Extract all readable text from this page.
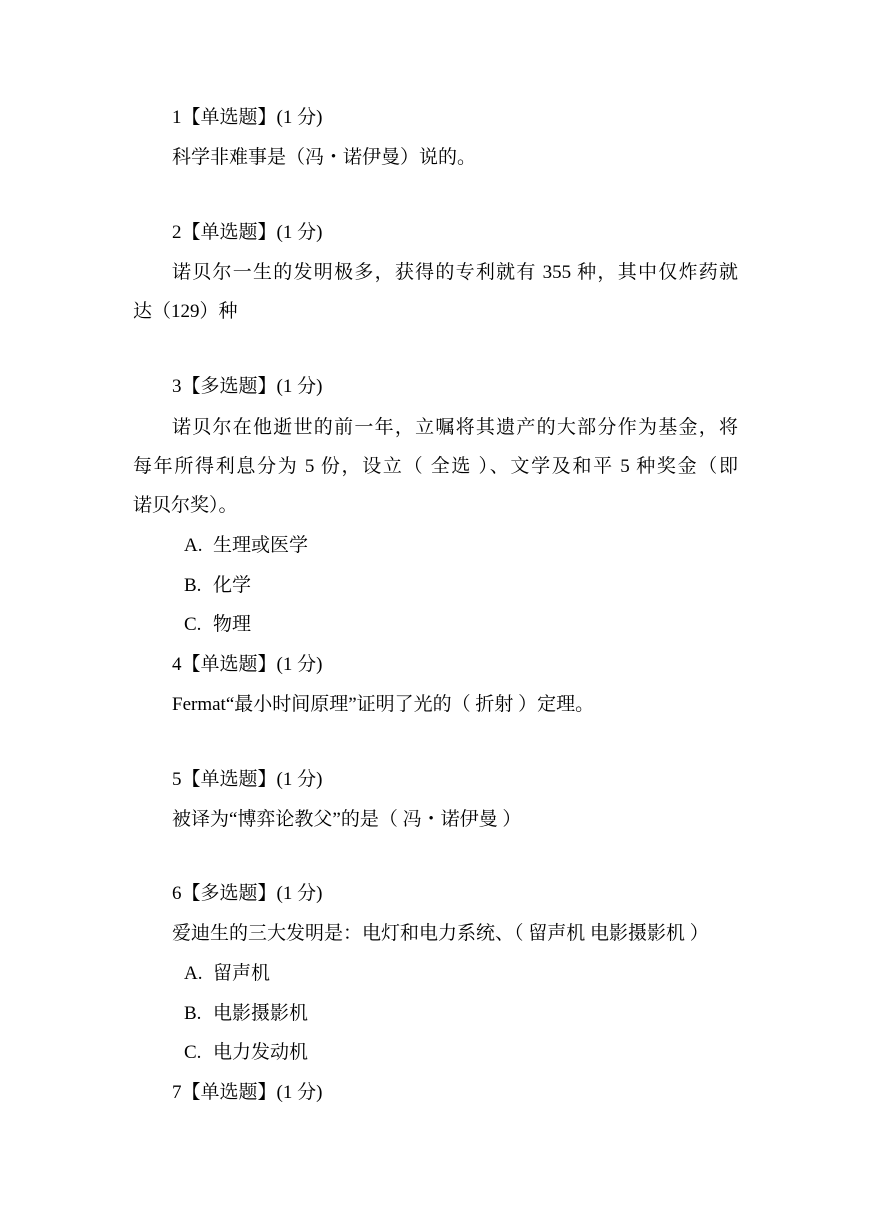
1【单选题】(1 分)
科学非难事是（冯・诺伊曼）说的。
2【单选题】(1 分)
诺贝尔一生的发明极多，获得的专利就有 355 种，其中仅炸药就
达（129）种
3【多选题】(1 分)
诺贝尔在他逝世的前一年，立嘱将其遗产的大部分作为基金，将
每年所得利息分为 5 份，设立（ 全选 ）、文学及和平 5 种奖金（即
诺贝尔奖）。
A. 生理或医学
B. 化学
C. 物理
4【单选题】(1 分)
Fermat“最小时间原理”证明了光的（ 折射 ）定理。
5【单选题】(1 分)
被译为“博弈论教父”的是（ 冯・诺伊曼 ）
6【多选题】(1 分)
爱迪生的三大发明是：电灯和电力系统、（ 留声机 电影摄影机 ）
A. 留声机
B. 电影摄影机
C. 电力发动机
7【单选题】(1 分)
